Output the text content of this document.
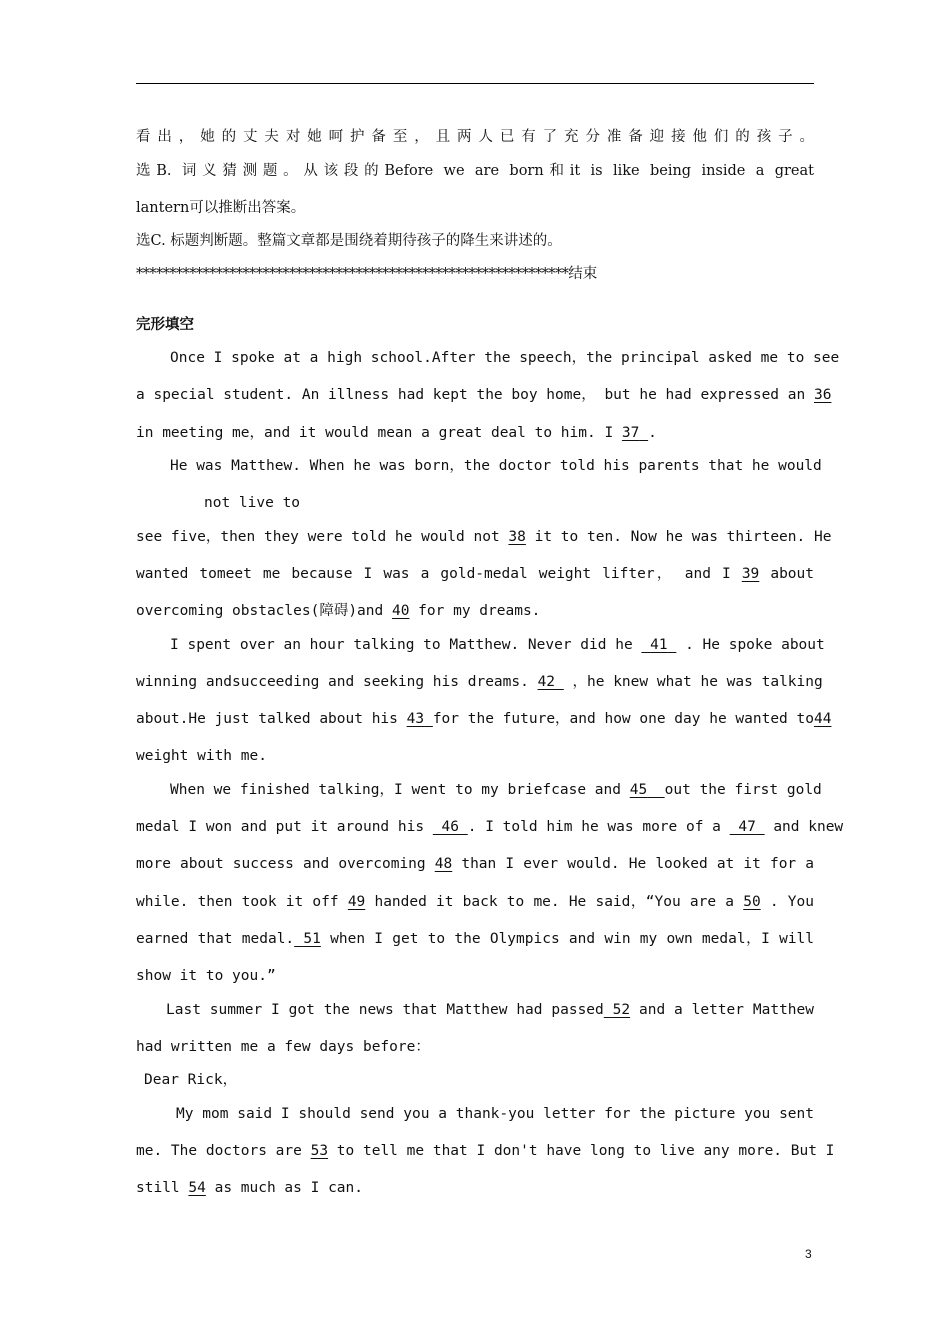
看出，她的丈夫对她呵护备至，且两人已有了充分准备迎接他们的孩子。
选B. 词义猜测题。从该段的Before we are born和it is like being inside a great
lantern可以推断出答案。
选C. 标题判断题。整篇文章都是围绕着期待孩子的降生来讲述的。
*****************************************************************结束
完形填空
Once I spoke at a high school.After the speech，the principal asked me to see
a special student. An illness had kept the boy home， but he had expressed an 36
in meeting me，and it would mean a great deal to him. I 37 .
He was Matthew. When he was born，the doctor told his parents that he would
not live to
see five，then they were told he would not 38 it to ten. Now he was thirteen. He
wanted tomeet me because I was a gold-medal weight lifter， and I 39 about
overcoming obstacles(障碍)and 40 for my dreams.
I spent over an hour talking to Matthew. Never did he  41  . He spoke about
winning andsucceeding and seeking his dreams. 42  ，he knew what he was talking
about.He just talked about his 43 for the future，and how one day he wanted to44
weight with me.
When we finished talking，I went to my briefcase and 45 out the first gold
medal I won and put it around his  46 . I told him he was more of a  47  and knew
more about success and overcoming 48 than I ever would. He looked at it for a
while. then took it off 49 handed it back to me. He said，“You are a 50 . You
earned that medal. 51 when I get to the Olympics and win my own medal，I will
show it to you.”
Last summer I got the news that Matthew had passed 52 and a letter Matthew
had written me a few days before：
Dear Rick，
My mom said I should send you a thank-you letter for the picture you sent
me. The doctors are 53 to tell me that I don't have long to live any more. But I
still 54 as much as I can.
3
